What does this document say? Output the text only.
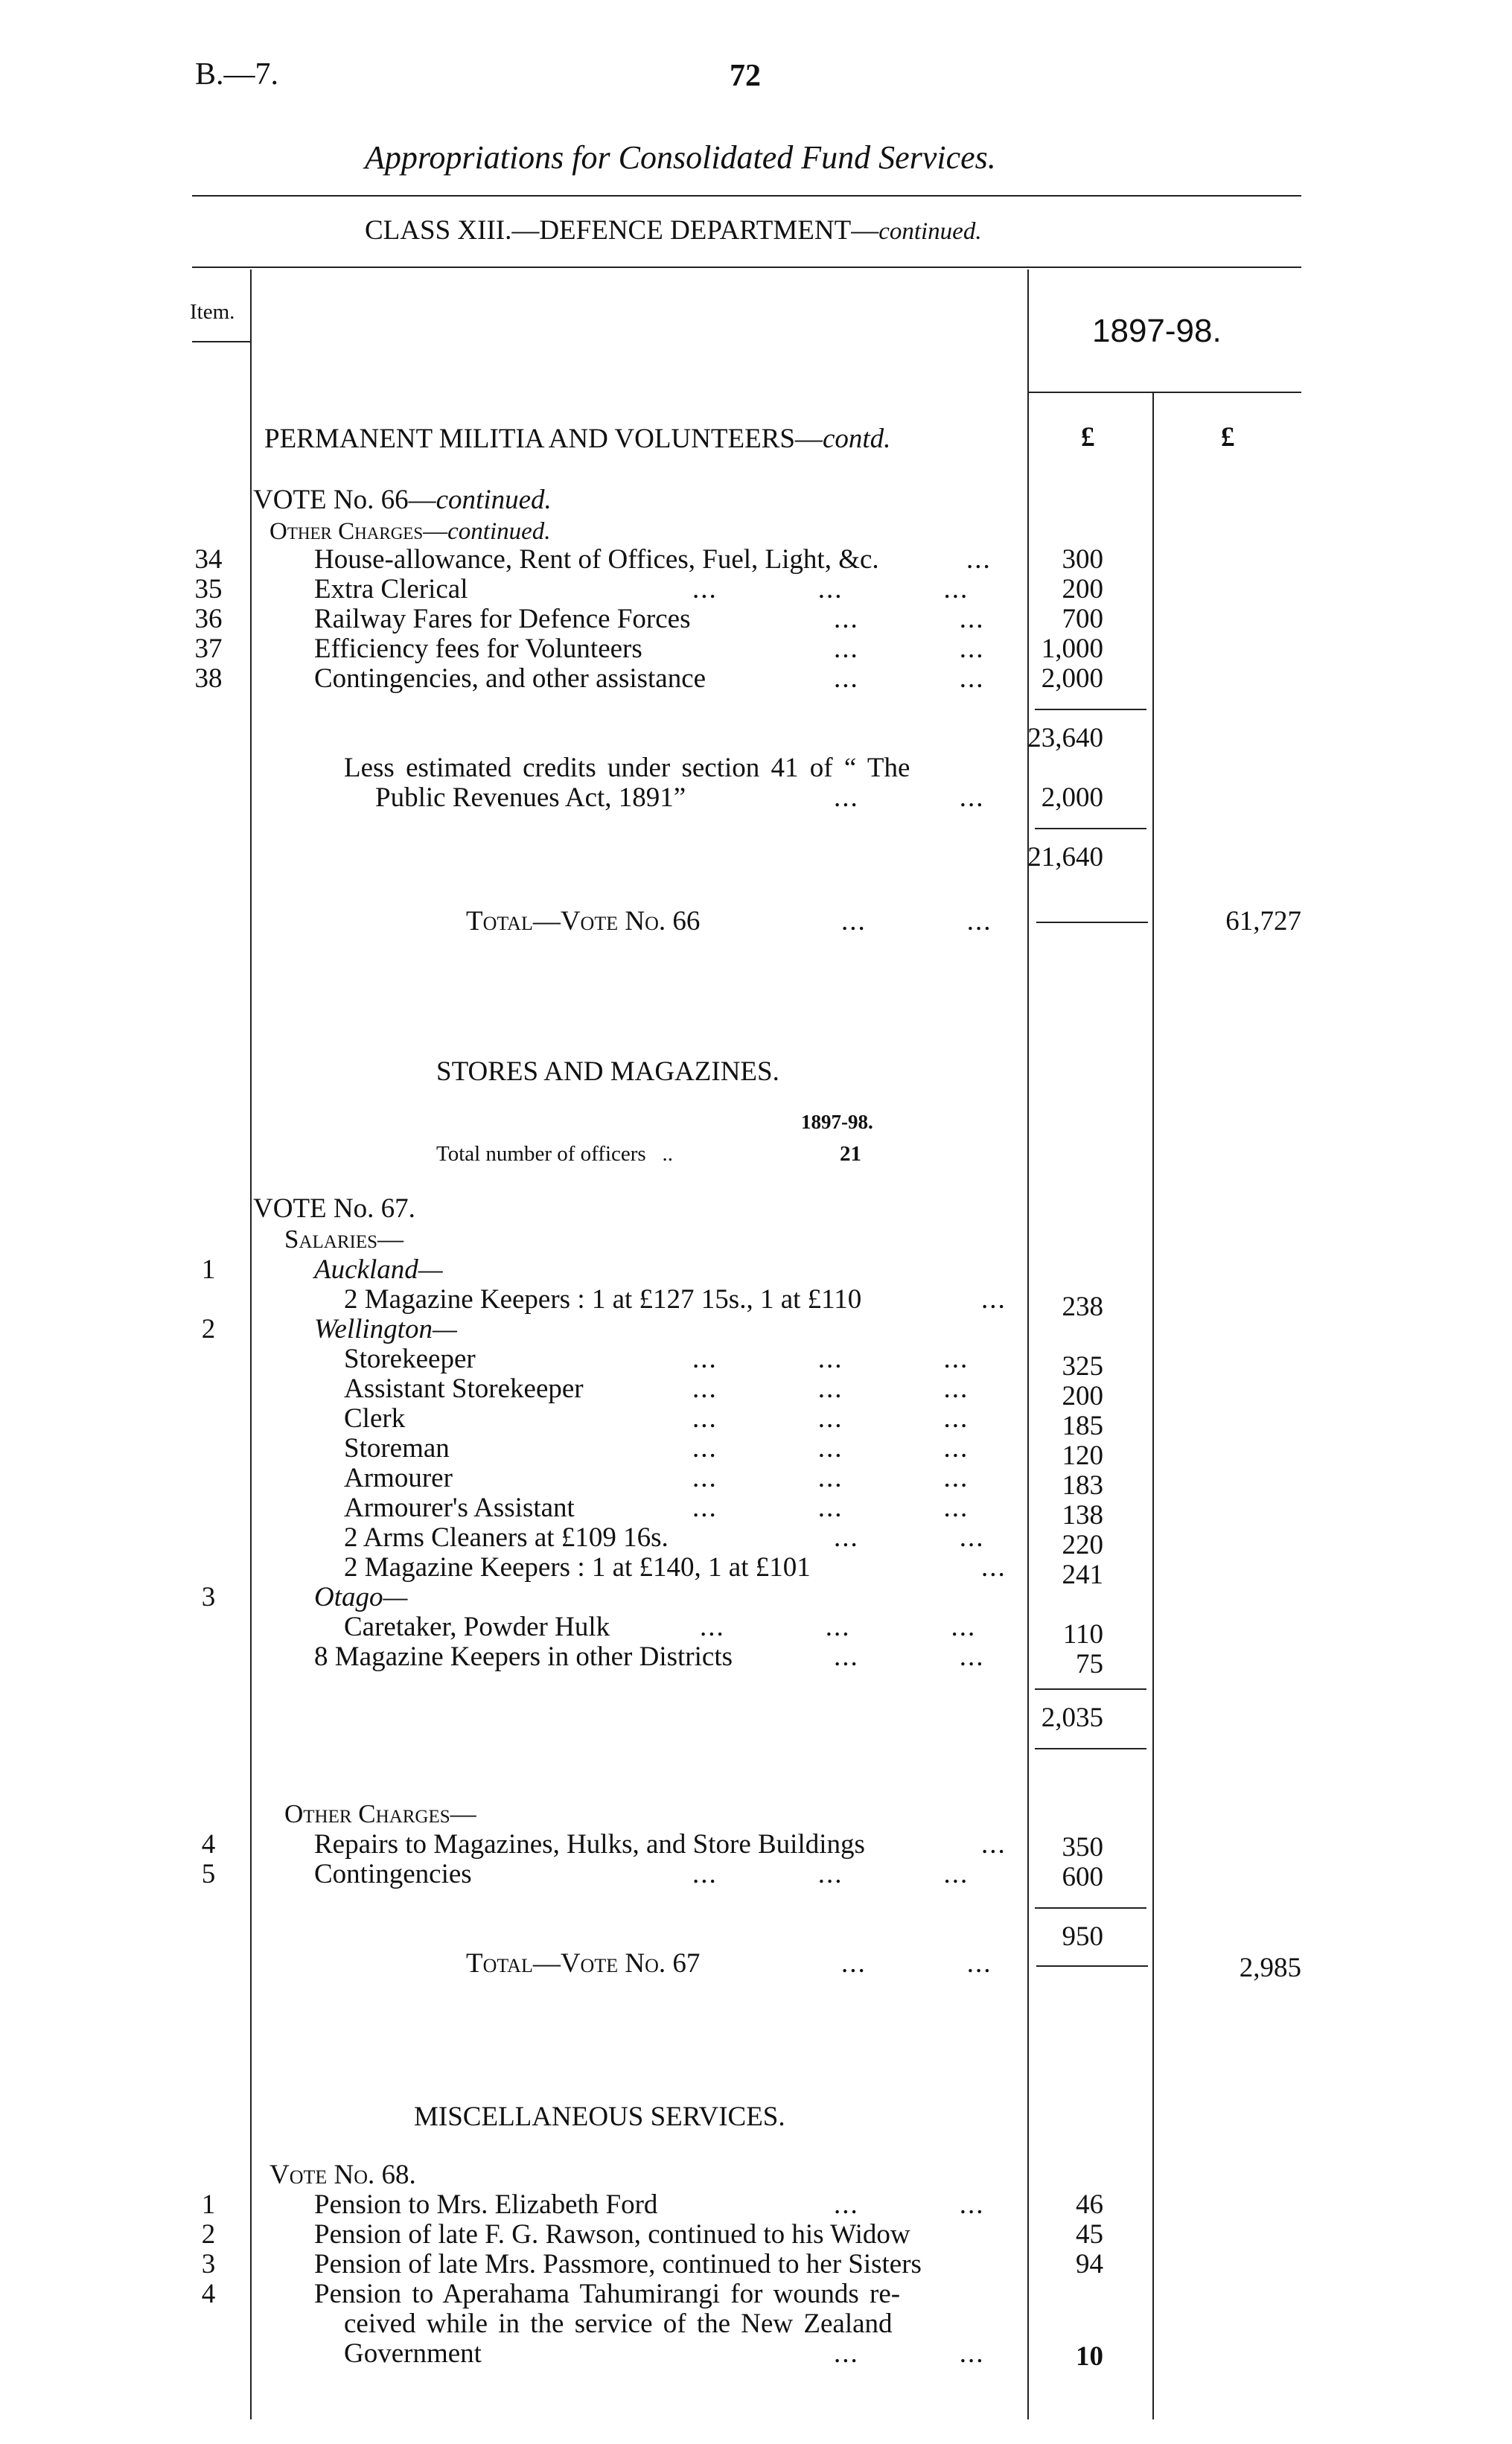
B.—7.	72
Appropriations for Consolidated Fund Services.
CLASS XIII.—DEFENCE DEPARTMENT—continued.
Item.
1897-98.
£	£
PERMANENT MILITIA AND VOLUNTEERS—contd.
VOTE No. 66—continued.
Other Charges—continued.
34	House-allowance, Rent of Offices, Fuel, Light, &c.	...	300
35	Extra Clerical	...            ...            ...	200
36	Railway Fares for Defence Forces	...            ...	700
37	Efficiency fees for Volunteers	...            ...	1,000
38	Contingencies, and other assistance	...            ...	2,000
23,640
Less estimated credits under section 41 of “ The
Public Revenues Act, 1891”	...            ...	2,000
21,640
Total—Vote No. 66	...            ...	61,727
STORES AND MAGAZINES.
1897-98.
Total number of officers   ..	21
VOTE No. 67.
Salaries—
1	Auckland—
2 Magazine Keepers : 1 at £127 15s., 1 at £110	...	238
2	Wellington—
Storekeeper	...            ...            ...	325
Assistant Storekeeper	...            ...            ...	200
Clerk	...            ...            ...	185
Storeman	...            ...            ...	120
Armourer	...            ...            ...	183
Armourer's Assistant	...            ...            ...	138
2 Arms Cleaners at £109 16s.	...            ...	220
2 Magazine Keepers : 1 at £140, 1 at £101	...	241
3	Otago—
Caretaker, Powder Hulk	...            ...            ...	110
8 Magazine Keepers in other Districts	...            ...	75
2,035
Other Charges—
4	Repairs to Magazines, Hulks, and Store Buildings	...	350
5	Contingencies	...            ...            ...	600
950
Total—Vote No. 67	...            ...	2,985
MISCELLANEOUS SERVICES.
Vote No. 68.
1	Pension to Mrs. Elizabeth Ford	...            ...	46
2	Pension of late F. G. Rawson, continued to his Widow	45
3	Pension of late Mrs. Passmore, continued to her Sisters	94
4	Pension to Aperahama Tahumirangi for wounds re-
ceived while in the service of the New Zealand
Government	...            ...	10
